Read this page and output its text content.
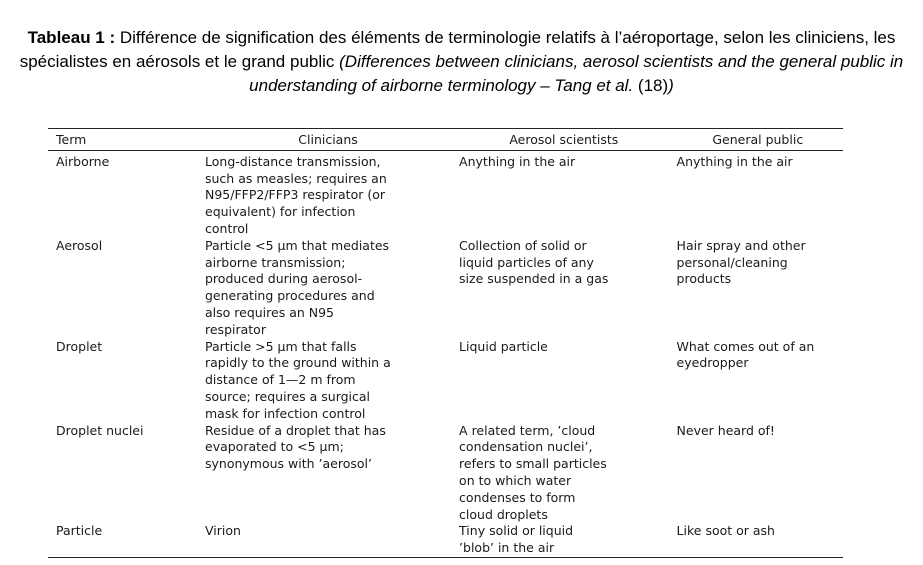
Tableau 1 : Différence de signification des éléments de terminologie relatifs à l’aéroportage, selon les cliniciens, les spécialistes en aérosols et le grand public (Differences between clinicians, aerosol scientists and the general public in understanding of airborne terminology – Tang et al. (18))
Term	Clinicians	Aerosol scientists	General public
Airborne	Long-distance transmission, such as measles; requires an N95/FFP2/FFP3 respirator (or equivalent) for infection control	Anything in the air	Anything in the air

Aerosol	Particle <5 μm that mediates airborne transmission; produced during aerosol-generating procedures and also requires an N95 respirator	Collection of solid or liquid particles of any size suspended in a gas	Hair spray and other personal/cleaning products

Droplet	Particle >5 μm that falls rapidly to the ground within a distance of 1—2 m from source; requires a surgical mask for infection control	Liquid particle	What comes out of an eyedropper

Droplet nuclei	Residue of a droplet that has evaporated to <5 μm; synonymous with ’aerosol’	A related term, ’cloud condensation nuclei’, refers to small particles on to which water condenses to form cloud droplets	Never heard of!

Particle	Virion	Tiny solid or liquid ’blob’ in the air	Like soot or ash
